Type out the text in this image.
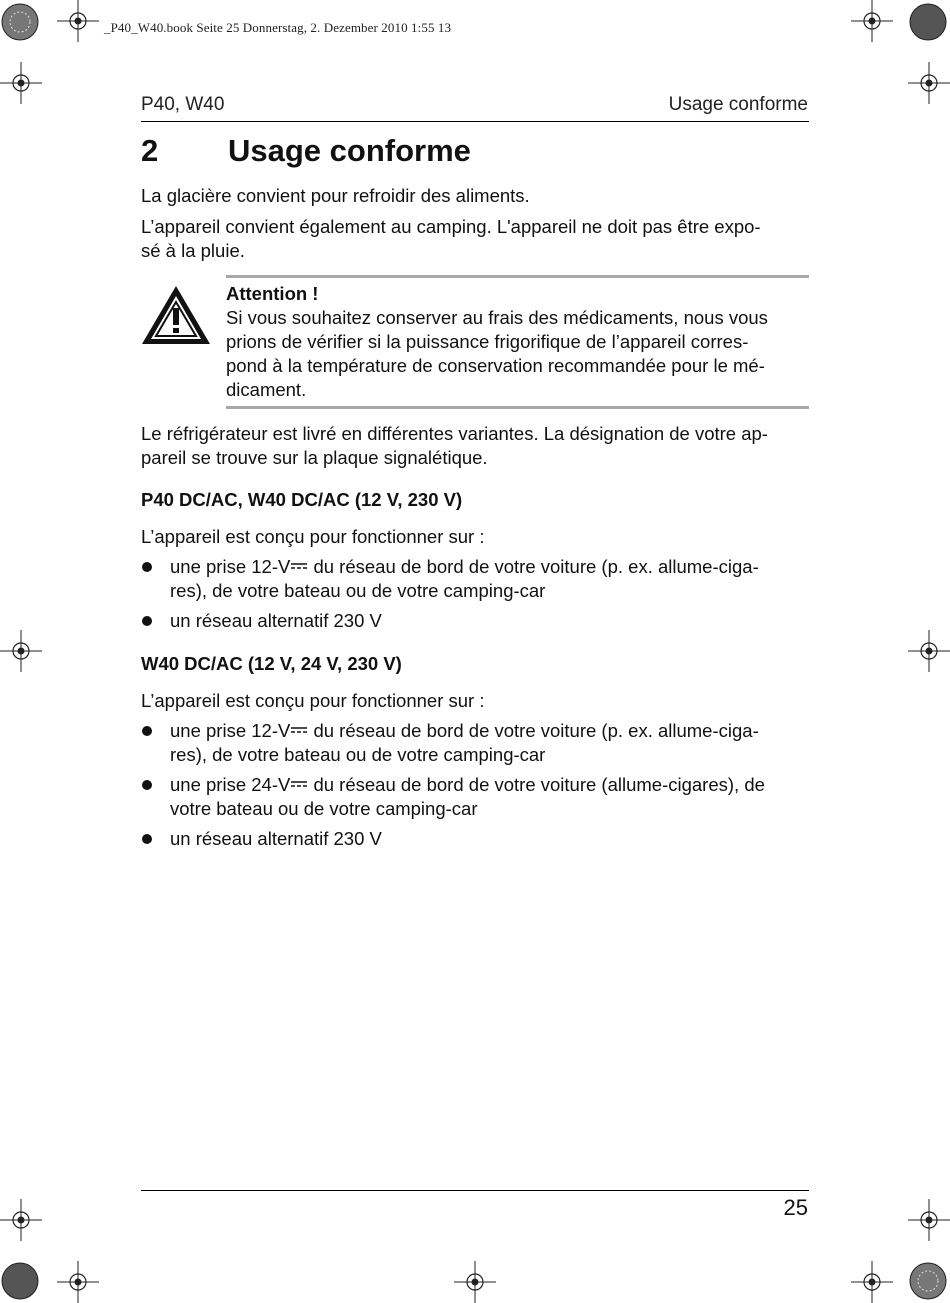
_P40_W40.book Seite 25 Donnerstag, 2. Dezember 2010 1:55 13
P40, W40	Usage conforme
2 Usage conforme
La glacière convient pour refroidir des aliments.
L’appareil convient également au camping. L'appareil ne doit pas être expo-
sé à la pluie.
Attention !
Si vous souhaitez conserver au frais des médicaments, nous vous
prions de vérifier si la puissance frigorifique de l’appareil corres-
pond à la température de conservation recommandée pour le mé-
dicament.
Le réfrigérateur est livré en différentes variantes. La désignation de votre ap-
pareil se trouve sur la plaque signalétique.
P40 DC/AC, W40 DC/AC (12 V, 230 V)
L’appareil est conçu pour fonctionner sur :
une prise 12-V du réseau de bord de votre voiture (p. ex. allume-ciga-
res), de votre bateau ou de votre camping-car
un réseau alternatif 230 V
W40 DC/AC (12 V, 24 V, 230 V)
L’appareil est conçu pour fonctionner sur :
une prise 12-V du réseau de bord de votre voiture (p. ex. allume-ciga-
res), de votre bateau ou de votre camping-car
une prise 24-V du réseau de bord de votre voiture (allume-cigares), de
votre bateau ou de votre camping-car
un réseau alternatif 230 V
25
